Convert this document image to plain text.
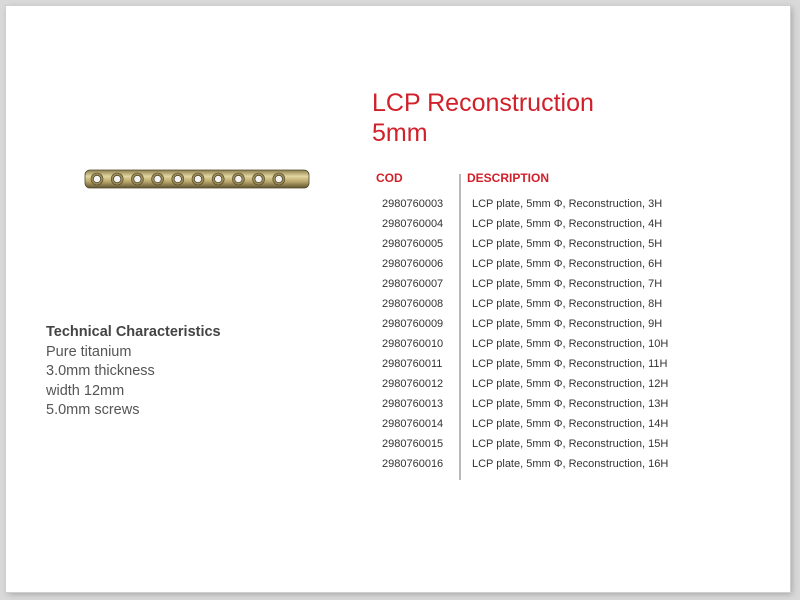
LCP Reconstruction
5mm
COD	DESCRIPTION
2980760003	LCP plate, 5mm Φ, Reconstruction, 3H
2980760004	LCP plate, 5mm Φ, Reconstruction, 4H
2980760005	LCP plate, 5mm Φ, Reconstruction, 5H
2980760006	LCP plate, 5mm Φ, Reconstruction, 6H
2980760007	LCP plate, 5mm Φ, Reconstruction, 7H
2980760008	LCP plate, 5mm Φ, Reconstruction, 8H
2980760009	LCP plate, 5mm Φ, Reconstruction, 9H
2980760010	LCP plate, 5mm Φ, Reconstruction, 10H
2980760011	LCP plate, 5mm Φ, Reconstruction, 11H
2980760012	LCP plate, 5mm Φ, Reconstruction, 12H
2980760013	LCP plate, 5mm Φ, Reconstruction, 13H
2980760014	LCP plate, 5mm Φ, Reconstruction, 14H
2980760015	LCP plate, 5mm Φ, Reconstruction, 15H
2980760016	LCP plate, 5mm Φ, Reconstruction, 16H
Technical Characteristics
Pure titanium
3.0mm thickness
width 12mm
5.0mm screws
